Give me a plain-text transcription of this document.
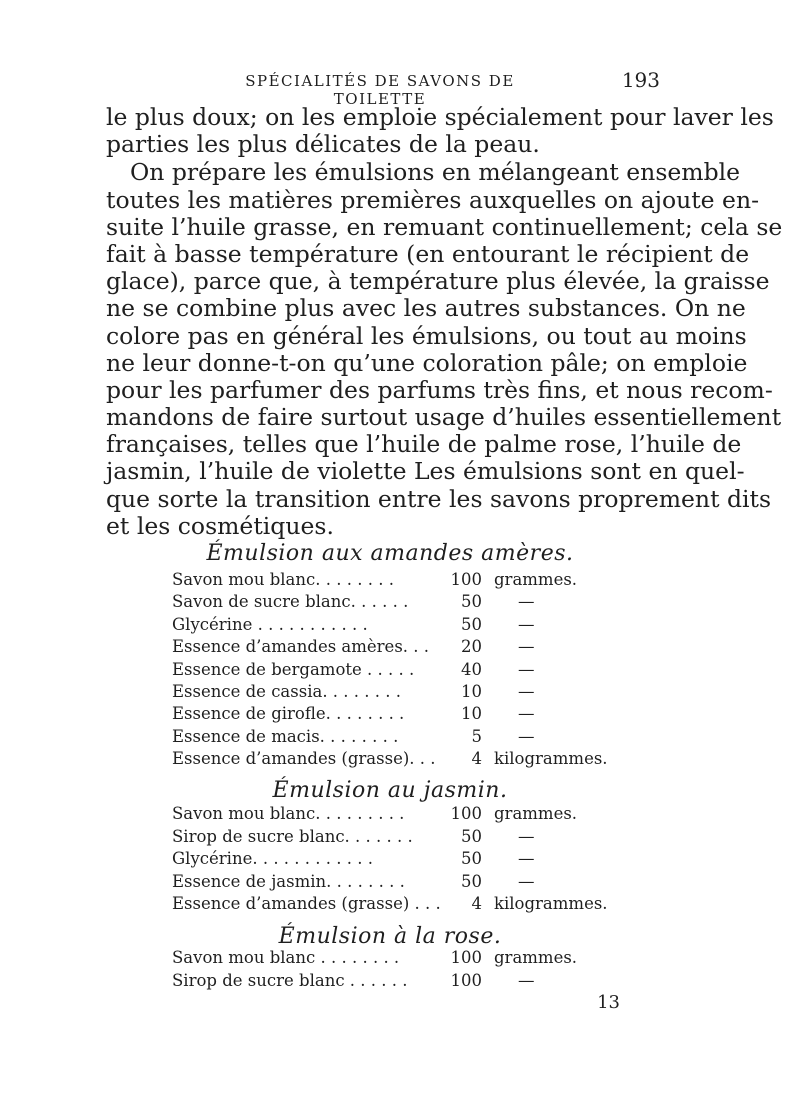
SPÉCIALITÉS DE SAVONS DE TOILETTE
193
le plus doux; on les emploie spécialement pour laver les
parties les plus délicates de la peau.
On prépare les émulsions en mélangeant ensemble
toutes les matières premières auxquelles on ajoute en-
suite l’huile grasse, en remuant continuellement; cela se
fait à basse température (en entourant le récipient de
glace), parce que, à température plus élevée, la graisse
ne se combine plus avec les autres substances. On ne
colore pas en général les émulsions, ou tout au moins
ne leur donne-t-on qu’une coloration pâle; on emploie
pour les parfumer des parfums très fins, et nous recom-
mandons de faire surtout usage d’huiles essentiellement
françaises, telles que l’huile de palme rose, l’huile de
jasmin, l’huile de violette Les émulsions sont en quel-
que sorte la transition entre les savons proprement dits
et les cosmétiques.
Émulsion aux amandes amères.
Savon mou blanc. . . . . . . .	100 grammes.
Savon de sucre blanc. . . . . .	50 —
Glycérine . . . . . . . . . . .	50 —
Essence d’amandes amères. . .	20 —
Essence de bergamote . . . . .	40 —
Essence de cassia. . . . . . . .	10 —
Essence de girofle. . . . . . . .	10 —
Essence de macis. . . . . . . .	5 —
Essence d’amandes (grasse). . .	4 kilogrammes.
Émulsion au jasmin.
Savon mou blanc. . . . . . . . .	100 grammes.
Sirop de sucre blanc. . . . . . .	50 —
Glycérine. . . . . . . . . . . .	50 —
Essence de jasmin. . . . . . . .	50 —
Essence d’amandes (grasse) . . .	4 kilogrammes.
Émulsion à la rose.
Savon mou blanc . . . . . . . .	100 grammes.
Sirop de sucre blanc . . . . . .	100 —
13
